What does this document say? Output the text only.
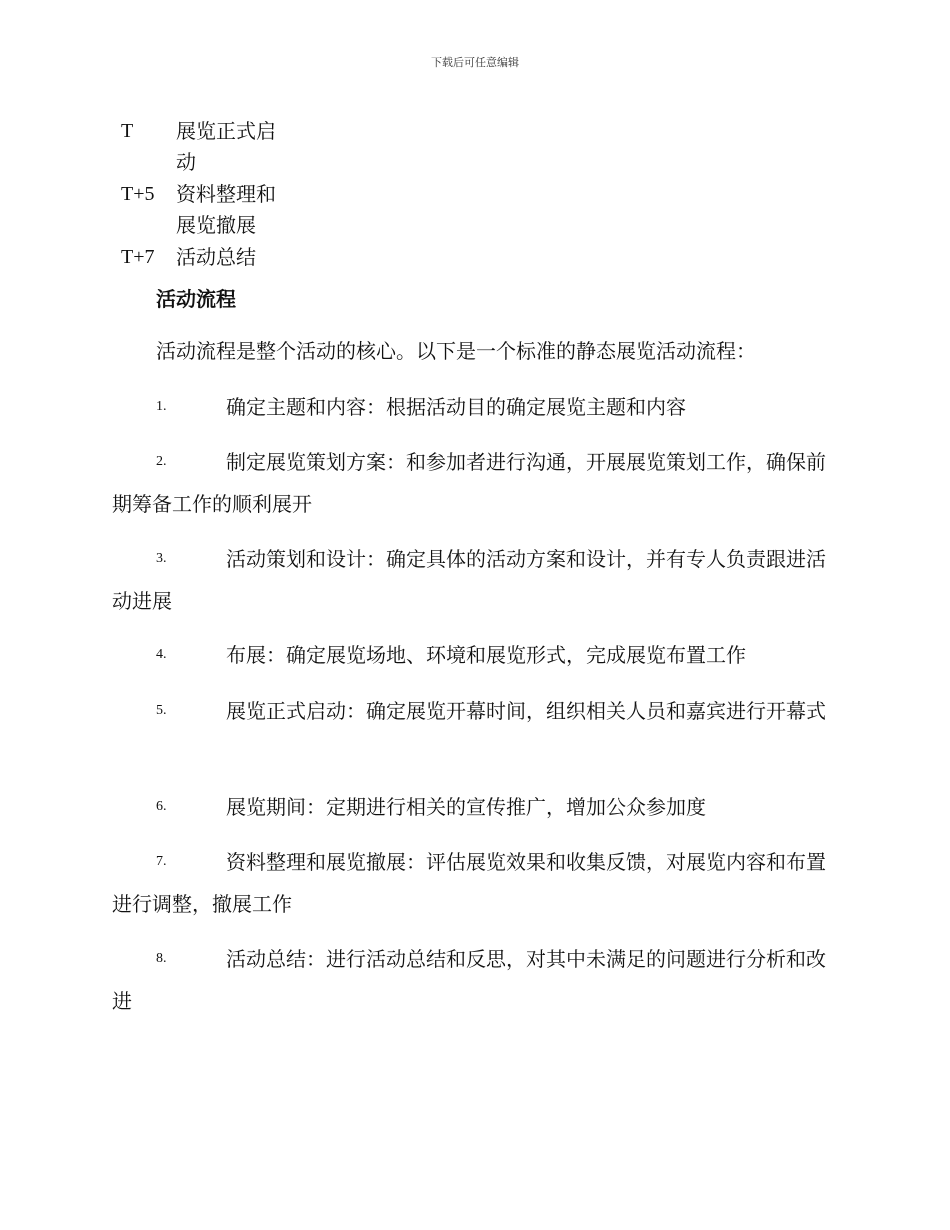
下载后可任意编辑
T	展览正式启动
T+5	资料整理和展览撤展
T+7	活动总结
活动流程
活动流程是整个活动的核心。以下是一个标准的静态展览活动流程：
1.	确定主题和内容：根据活动目的确定展览主题和内容
2.	制定展览策划方案：和参加者进行沟通，开展展览策划工作，确保前期筹备工作的顺利展开
3.	活动策划和设计：确定具体的活动方案和设计，并有专人负责跟进活动进展
4.	布展：确定展览场地、环境和展览形式，完成展览布置工作
5.	展览正式启动：确定展览开幕时间，组织相关人员和嘉宾进行开幕式
6.	展览期间：定期进行相关的宣传推广，增加公众参加度
7.	资料整理和展览撤展：评估展览效果和收集反馈，对展览内容和布置进行调整，撤展工作
8.	活动总结：进行活动总结和反思，对其中未满足的问题进行分析和改进
